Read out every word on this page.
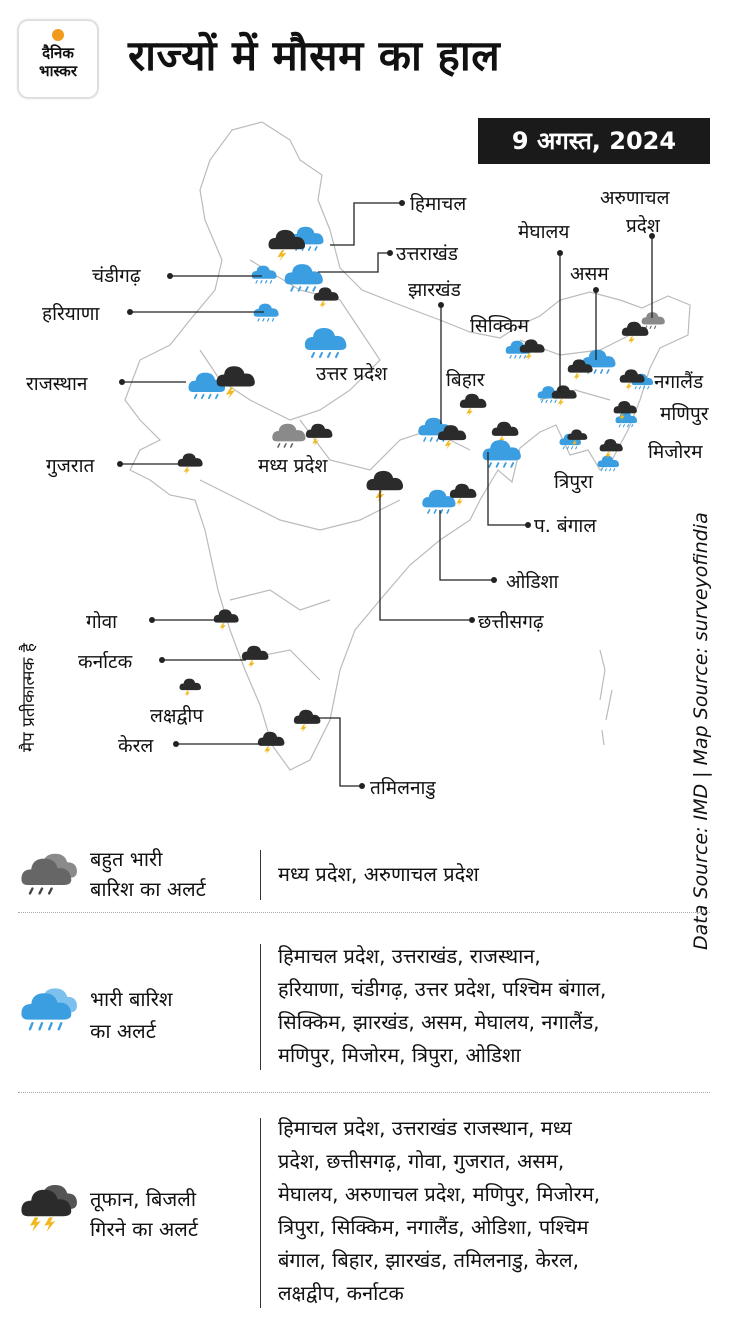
दैनिक
भास्कर	राज्यों में मौसम का हाल
9 अगस्त, 2024
हिमाचल	अरुणाचल
प्रदेश
उत्तराखंड
मेघालय
चंडीगढ़
झारखंड
असम
हरियाणा
सिक्किम
राजस्थान	उत्तर प्रदेश	बिहार	नगालैंड
मणिपुर
गुजरात	मध्य प्रदेश
मिजोरम
त्रिपुरा
प. बंगाल
ओडिशा
छत्तीसगढ़
गोवा
कर्नाटक
लक्षद्वीप
केरल
तमिलनाडु
मैप प्रतीकात्मक है	Data Source: IMD | Map Source: surveyofindia
बहुत भारी
बारिश का अलर्ट
मध्य प्रदेश, अरुणाचल प्रदेश
भारी बारिश
का अलर्ट
हिमाचल प्रदेश, उत्तराखंड, राजस्थान,
हरियाणा, चंडीगढ़, उत्तर प्रदेश, पश्चिम बंगाल,
सिक्किम, झारखंड, असम, मेघालय, नगालैंड,
मणिपुर, मिजोरम, त्रिपुरा, ओडिशा
तूफान, बिजली
गिरने का अलर्ट
हिमाचल प्रदेश, उत्तराखंड राजस्थान, मध्य
प्रदेश, छत्तीसगढ़, गोवा, गुजरात, असम,
मेघालय, अरुणाचल प्रदेश, मणिपुर, मिजोरम,
त्रिपुरा, सिक्किम, नगालैंड, ओडिशा, पश्चिम
बंगाल, बिहार, झारखंड, तमिलनाडु, केरल,
लक्षद्वीप, कर्नाटक
